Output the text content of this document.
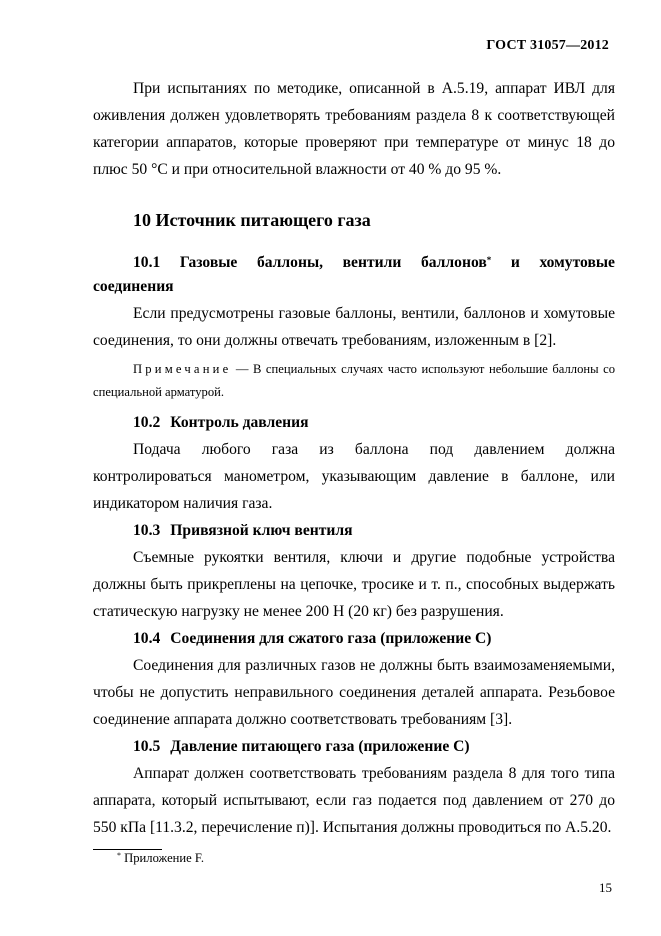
ГОСТ 31057—2012

При испытаниях по методике, описанной в А.5.19, аппарат ИВЛ для оживления должен удовлетворять требованиям раздела 8 к соответствующей категории аппаратов, которые проверяют при температуре от минус 18 до плюс 50 °С и при относительной влажности от 40 % до 95 %.

10 Источник питающего газа
10.1 Газовые баллоны, вентили баллонов* и хомутовые
соединения

Если предусмотрены газовые баллоны, вентили, баллонов и хомутовые соединения, то они должны отвечать требованиям, изложенным в [2].

Примечание — В специальных случаях часто используют небольшие баллоны со специальной арматурой.
10.2 Контроль давления

Подача любого газа из баллона под давлением должна контролироваться манометром, указывающим давление в баллоне, или индикатором наличия газа.

10.3 Привязной ключ вентиля

Съемные рукоятки вентиля, ключи и другие подобные устройства должны быть прикреплены на цепочке, тросике и т. п., способных выдержать статическую нагрузку не менее 200 Н (20 кг) без разрушения.

10.4 Соединения для сжатого газа (приложение С)

Соединения для различных газов не должны быть взаимозаменяемыми, чтобы не допустить неправильного соединения деталей аппарата. Резьбовое соединение аппарата должно соответствовать требованиям [3].

10.5 Давление питающего газа (приложение С)

Аппарат должен соответствовать требованиям раздела 8 для того типа аппарата, который испытывают, если газ подается под давлением от 270 до 550 кПа [11.3.2, перечисление п)]. Испытания должны проводиться по А.5.20.

* Приложение F.
15
